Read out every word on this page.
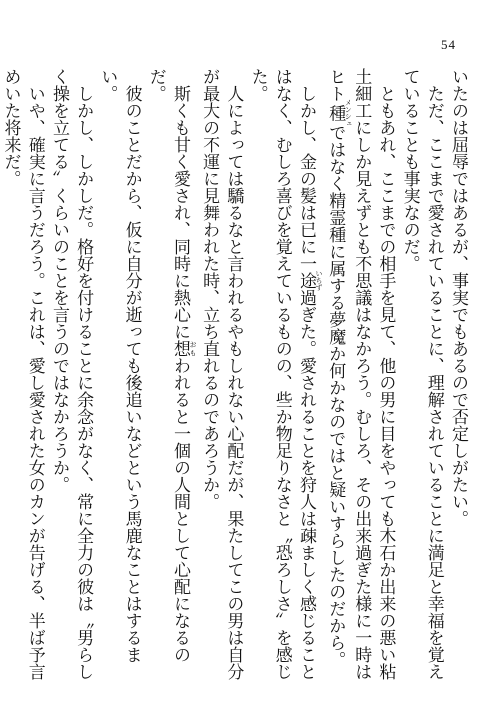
54

いたのは屈辱ではあるが、事実でもあるので否定しがたい。

ただ、ここまで愛されていることに、理解されていることに満足と幸福を覚えていることも事実なのだ。

ともあれ、ここまでの相手を見て、他の男に目をやっても木石か出来の悪い粘土細工にしか見えずとも不思議はなかろう。むしろ、その出来過ぎた様に一時はヒト種 メンシュではなく精霊種に属する夢魔か何かなのではと疑いすらしたのだから。

しかし、金の髪は已に一途 いちず過ぎた。愛されることを狩人は疎ましく感じることはなく、むしろ喜びを覚えているものの、些か物足りなさと〝恐ろしさ〟を感じた。

人によっては驕るなと言われるやもしれない心配だが、果たしてこの男は自分が最大の不運に見舞われた時、立ち直れるのであろうか。

斯くも甘く愛され、同時に熱心に想 おもわれると一個の人間として心配になるのだ。

彼のことだから、仮に自分が逝っても後追いなどという馬鹿なことはするまい。

しかし、しかしだ。格好を付けることに余念がなく、常に全力の彼は〝男らしく操を立てる〟くらいのことを言うのではなかろうか。

いや、確実に言うだろう。これは、愛し愛された女のカンが告げる、半ば予言めいた将来だ。
